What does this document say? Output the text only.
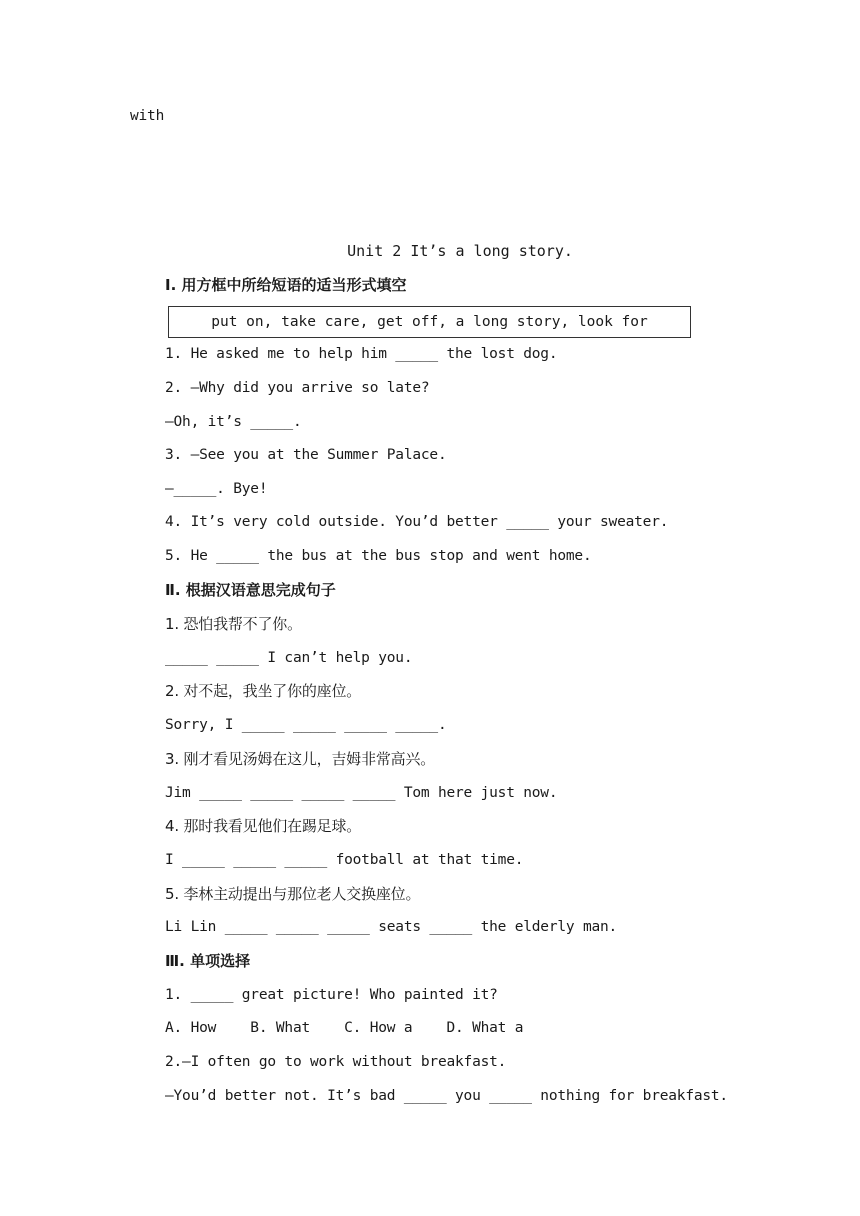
with
Unit 2 It’s a long story.
Ⅰ. 用方框中所给短语的适当形式填空
put on, take care, get off, a long story, look for
1. He asked me to help him _____ the lost dog.
2. —Why did you arrive so late?
—Oh, it’s _____.
3. —See you at the Summer Palace.
—_____. Bye!
4. It’s very cold outside. You’d better _____ your sweater.
5. He _____ the bus at the bus stop and went home.
Ⅱ. 根据汉语意思完成句子
1. 恐怕我帮不了你。
_____ _____ I can’t help you.
2. 对不起，我坐了你的座位。
Sorry, I _____ _____ _____ _____.
3. 刚才看见汤姆在这儿，吉姆非常高兴。
Jim _____ _____ _____ _____ Tom here just now.
4. 那时我看见他们在踢足球。
I _____ _____ _____ football at that time.
5. 李林主动提出与那位老人交换座位。
Li Lin _____ _____ _____ seats _____ the elderly man.
Ⅲ. 单项选择
1. _____ great picture! Who painted it?
A. How    B. What    C. How a    D. What a
2.—I often go to work without breakfast.
—You’d better not. It’s bad _____ you _____ nothing for breakfast.
